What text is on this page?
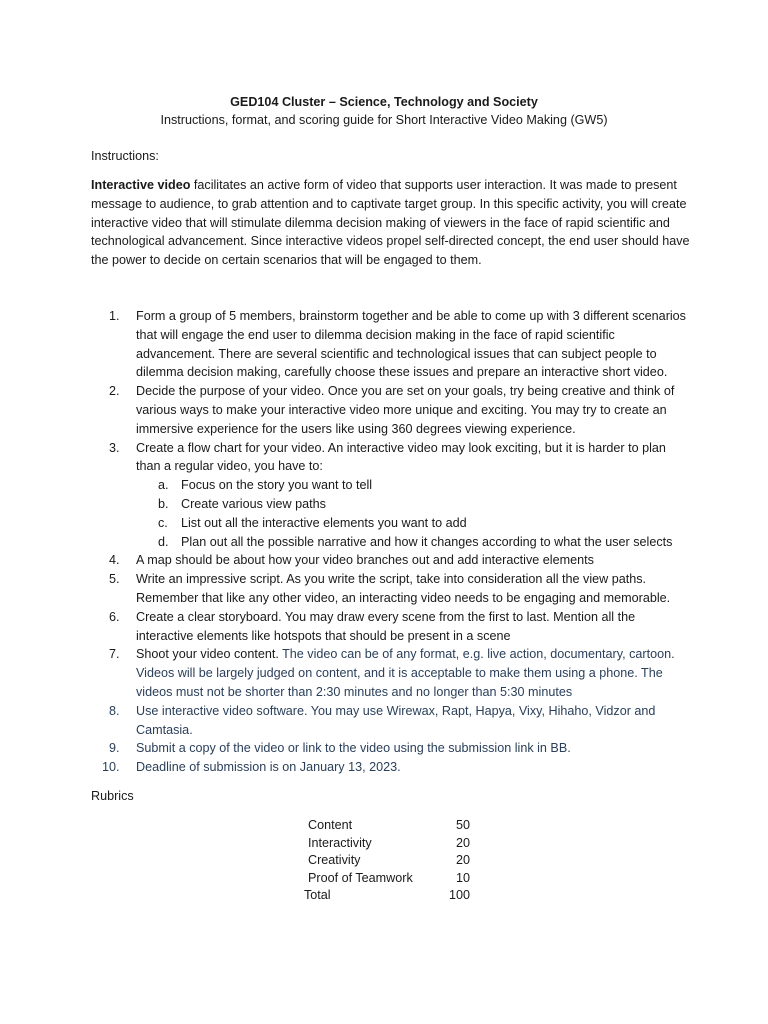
GED104 Cluster – Science, Technology and Society
Instructions, format, and scoring guide for Short Interactive Video Making (GW5)
Instructions:
Interactive video facilitates an active form of video that supports user interaction. It was made to present message to audience, to grab attention and to captivate target group. In this specific activity, you will create interactive video that will stimulate dilemma decision making of viewers in the face of rapid scientific and technological advancement. Since interactive videos propel self-directed concept, the end user should have the power to decide on certain scenarios that will be engaged to them.
1.	Form a group of 5 members, brainstorm together and be able to come up with 3 different scenarios that will engage the end user to dilemma decision making in the face of rapid scientific advancement. There are several scientific and technological issues that can subject people to dilemma decision making, carefully choose these issues and prepare an interactive short video.
2.	Decide the purpose of your video. Once you are set on your goals, try being creative and think of various ways to make your interactive video more unique and exciting. You may try to create an immersive experience for the users like using 360 degrees viewing experience.
3.	Create a flow chart for your video. An interactive video may look exciting, but it is harder to plan than a regular video, you have to:
a. Focus on the story you want to tell
b. Create various view paths
c. List out all the interactive elements you want to add
d. Plan out all the possible narrative and how it changes according to what the user selects
4.	A map should be about how your video branches out and add interactive elements
5.	Write an impressive script. As you write the script, take into consideration all the view paths. Remember that like any other video, an interacting video needs to be engaging and memorable.
6.	Create a clear storyboard. You may draw every scene from the first to last. Mention all the interactive elements like hotspots that should be present in a scene
7.	Shoot your video content. The video can be of any format, e.g. live action, documentary, cartoon. Videos will be largely judged on content, and it is acceptable to make them using a phone. The videos must not be shorter than 2:30 minutes and no longer than 5:30 minutes
8.	Use interactive video software. You may use Wirewax, Rapt, Hapya, Vixy, Hihaho, Vidzor and Camtasia.
9.	Submit a copy of the video or link to the video using the submission link in BB.
10.	Deadline of submission is on January 13, 2023.
Rubrics
Content	50
Interactivity	20
Creativity	20
Proof of Teamwork	10
Total	100
